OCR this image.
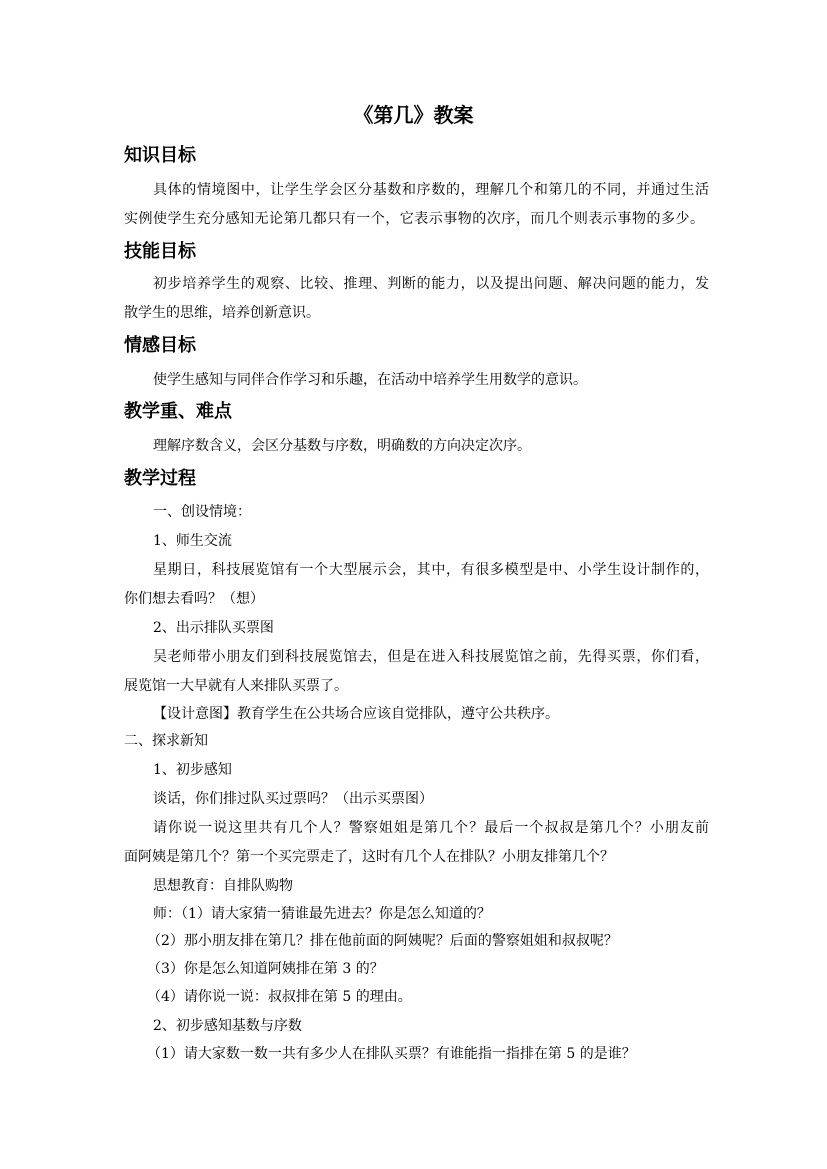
《第几》教案
知识目标
具体的情境图中，让学生学会区分基数和序数的，理解几个和第几的不同，并通过生活
实例使学生充分感知无论第几都只有一个，它表示事物的次序，而几个则表示事物的多少。
技能目标
初步培养学生的观察、比较、推理、判断的能力，以及提出问题、解决问题的能力，发
散学生的思维，培养创新意识。
情感目标
使学生感知与同伴合作学习和乐趣，在活动中培养学生用数学的意识。
教学重、难点
理解序数含义，会区分基数与序数，明确数的方向决定次序。
教学过程
一、创设情境：
1、师生交流
星期日，科技展览馆有一个大型展示会，其中，有很多模型是中、小学生设计制作的，
你们想去看吗？（想）
2、出示排队买票图
吴老师带小朋友们到科技展览馆去，但是在进入科技展览馆之前，先得买票，你们看，
展览馆一大早就有人来排队买票了。
【设计意图】教育学生在公共场合应该自觉排队，遵守公共秩序。
二、探求新知
1、初步感知
谈话，你们排过队买过票吗？（出示买票图）
请你说一说这里共有几个人？警察姐姐是第几个？最后一个叔叔是第几个？小朋友前
面阿姨是第几个？第一个买完票走了，这时有几个人在排队？小朋友排第几个？
思想教育：自排队购物
师：（1）请大家猜一猜谁最先进去？你是怎么知道的？
（2）那小朋友排在第几？排在他前面的阿姨呢？后面的警察姐姐和叔叔呢？
（3）你是怎么知道阿姨排在第 3 的？
（4）请你说一说：叔叔排在第 5 的理由。
2、初步感知基数与序数
（1）请大家数一数一共有多少人在排队买票？有谁能指一指排在第 5 的是谁？
